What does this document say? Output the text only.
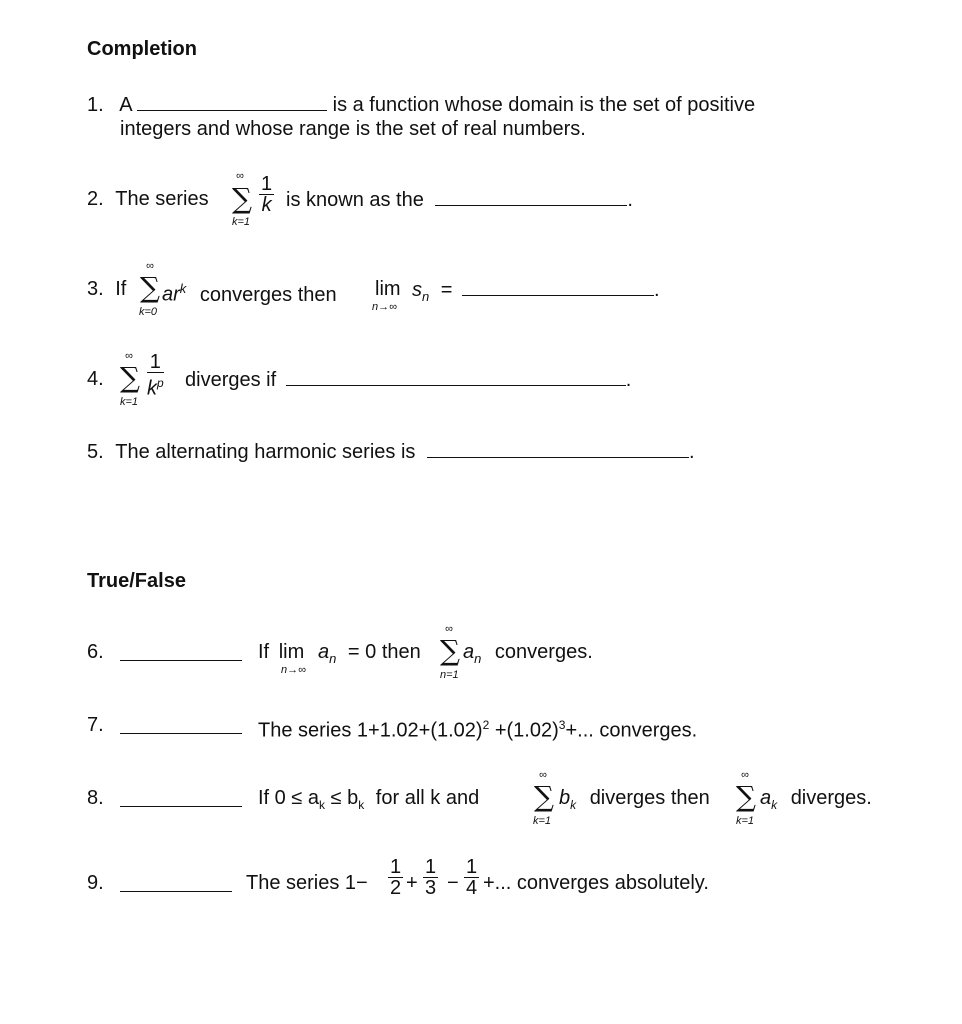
Completion
1. A	is a function whose domain is the set of positive
integers and whose range is the set of real numbers.
2. The series
∞
∑
k=1
$\frac{1}{k}$ is known as the	.
3. If
∞
∑
k=0
$ar^k$ converges then lim
n→∞
$s_n$ =	.
4.
∞
∑
k=1
$\frac{1}{k^p}$ diverges if	.
5. The alternating harmonic series is	.
True/False
6.	If lim
n→∞
$a_n = 0$ then
∞
∑
n=1
$a_n$ converges.
7.	The series $1+1.02+(1.02)^2 +(1.02)^3+$... converges.
8.	If $0 \le a_k \le b_k$ for all k and
∞
∑
k=1
$b_k$ diverges then
∞
∑
k=1
$a_k$ diverges.
9.	The series $1- \frac{1}{2} + \frac{1}{3} - \frac{1}{4}$ +... converges absolutely.
